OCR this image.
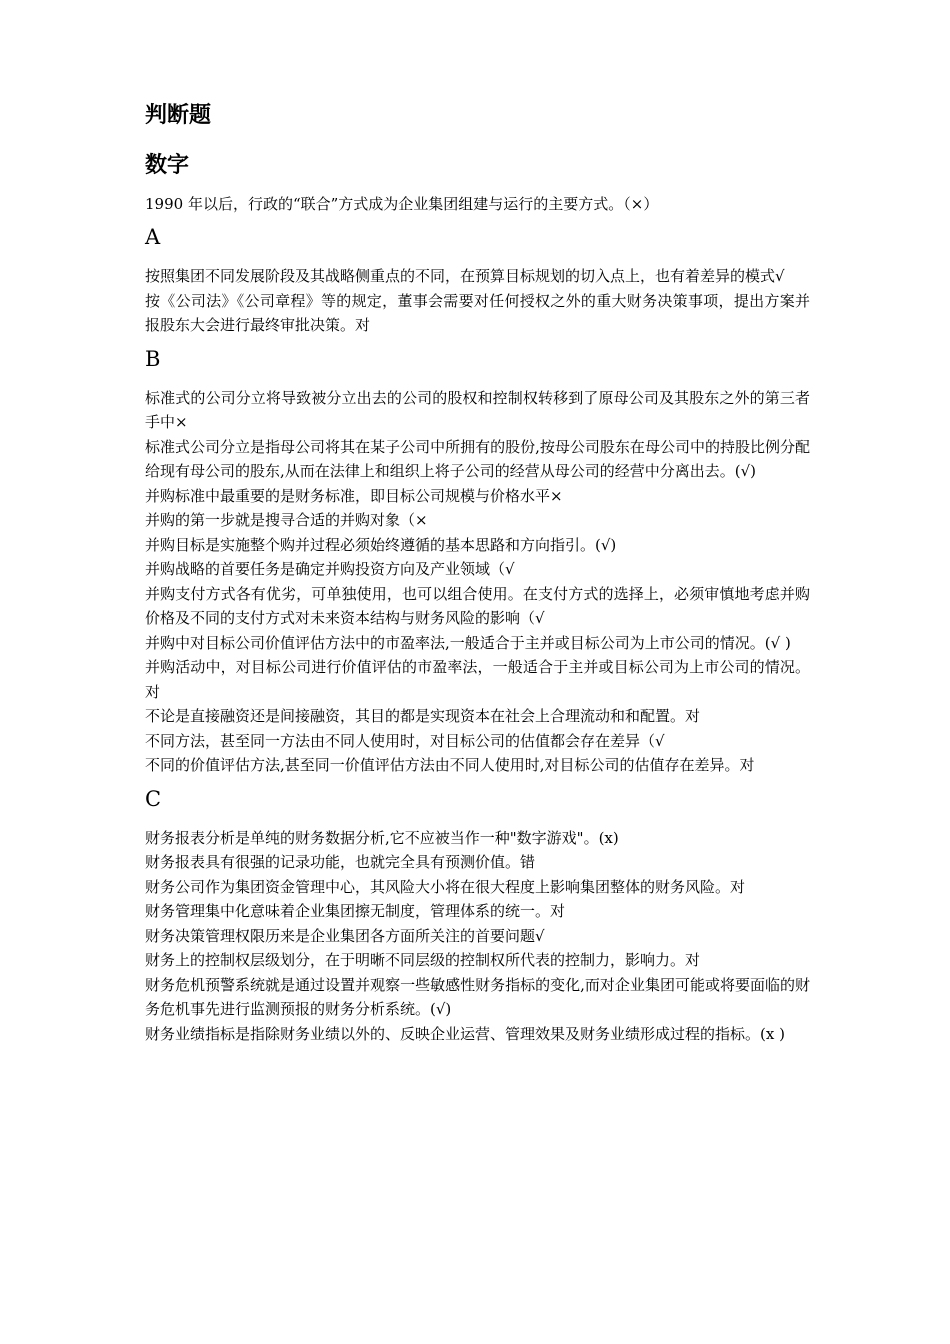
判断题
数字

1990 年以后，行政的“联合”方式成为企业集团组建与运行的主要方式。（×）

A

按照集团不同发展阶段及其战略侧重点的不同，在预算目标规划的切入点上，也有着差异的模式√

按《公司法》《公司章程》等的规定，董事会需要对任何授权之外的重大财务决策事项，提出方案并报股东大会进行最终审批决策。对

B

标准式的公司分立将导致被分立出去的公司的股权和控制权转移到了原母公司及其股东之外的第三者手中×

标准式公司分立是指母公司将其在某子公司中所拥有的股份,按母公司股东在母公司中的持股比例分配给现有母公司的股东,从而在法律上和组织上将子公司的经营从母公司的经营中分离出去。(√)

并购标准中最重要的是财务标准，即目标公司规模与价格水平×

并购的第一步就是搜寻合适的并购对象（×

并购目标是实施整个购并过程必须始终遵循的基本思路和方向指引。(√)

并购战略的首要任务是确定并购投资方向及产业领域（√

并购支付方式各有优劣，可单独使用，也可以组合使用。在支付方式的选择上，必须审慎地考虑并购价格及不同的支付方式对未来资本结构与财务风险的影响（√

并购中对目标公司价值评估方法中的市盈率法,一般适合于主并或目标公司为上市公司的情况。(√ )

并购活动中，对目标公司进行价值评估的市盈率法，一般适合于主并或目标公司为上市公司的情况。对

不论是直接融资还是间接融资，其目的都是实现资本在社会上合理流动和和配置。对

不同方法，甚至同一方法由不同人使用时，对目标公司的估值都会存在差异（√

不同的价值评估方法,甚至同一价值评估方法由不同人使用时,对目标公司的估值存在差异。对

C

财务报表分析是单纯的财务数据分析,它不应被当作一种"数字游戏"。(x)

财务报表具有很强的记录功能，也就完全具有预测价值。错

财务公司作为集团资金管理中心，其风险大小将在很大程度上影响集团整体的财务风险。对

财务管理集中化意味着企业集团擦无制度，管理体系的统一。对

财务决策管理权限历来是企业集团各方面所关注的首要问题√

财务上的控制权层级划分，在于明晰不同层级的控制权所代表的控制力，影响力。对

财务危机预警系统就是通过设置并观察一些敏感性财务指标的变化,而对企业集团可能或将要面临的财务危机事先进行监测预报的财务分析系统。(√)

财务业绩指标是指除财务业绩以外的、反映企业运营、管理效果及财务业绩形成过程的指标。(x )
